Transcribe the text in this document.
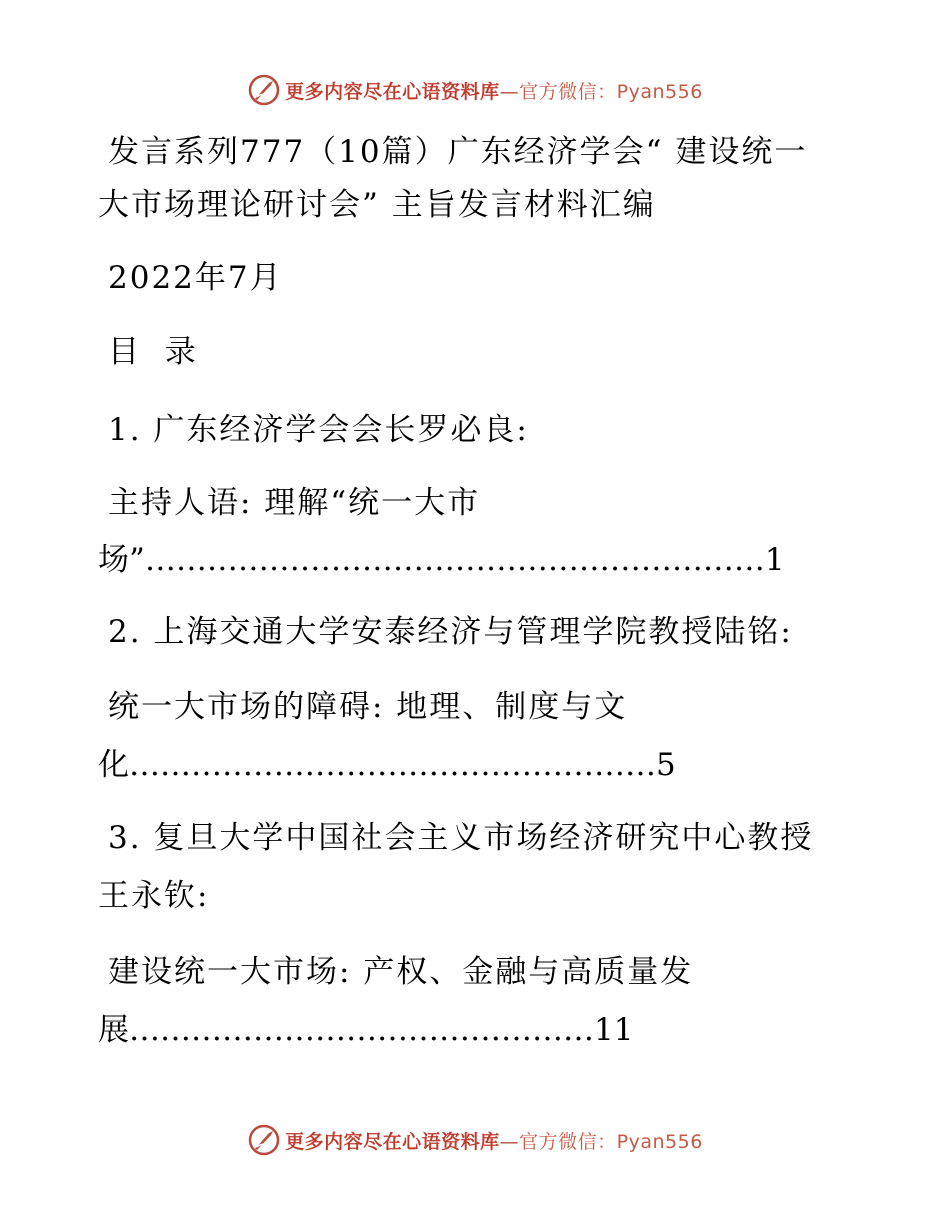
更多内容尽在心语资料库—官方微信：Pyan556
发言系列777（10篇）广东经济学会“ 建设统一
大市场理论研讨会” 主旨发言材料汇编
2022年7月
目  录
1. 广东经济学会会长罗必良:
主持人语: 理解“统一大市
场”……………………………………………………1
2. 上海交通大学安泰经济与管理学院教授陆铭:
统一大市场的障碍: 地理、制度与文
化……………………………………………5
3. 复旦大学中国社会主义市场经济研究中心教授
王永钦:
建设统一大市场: 产权、金融与高质量发
展………………………………………11
更多内容尽在心语资料库—官方微信：Pyan556
